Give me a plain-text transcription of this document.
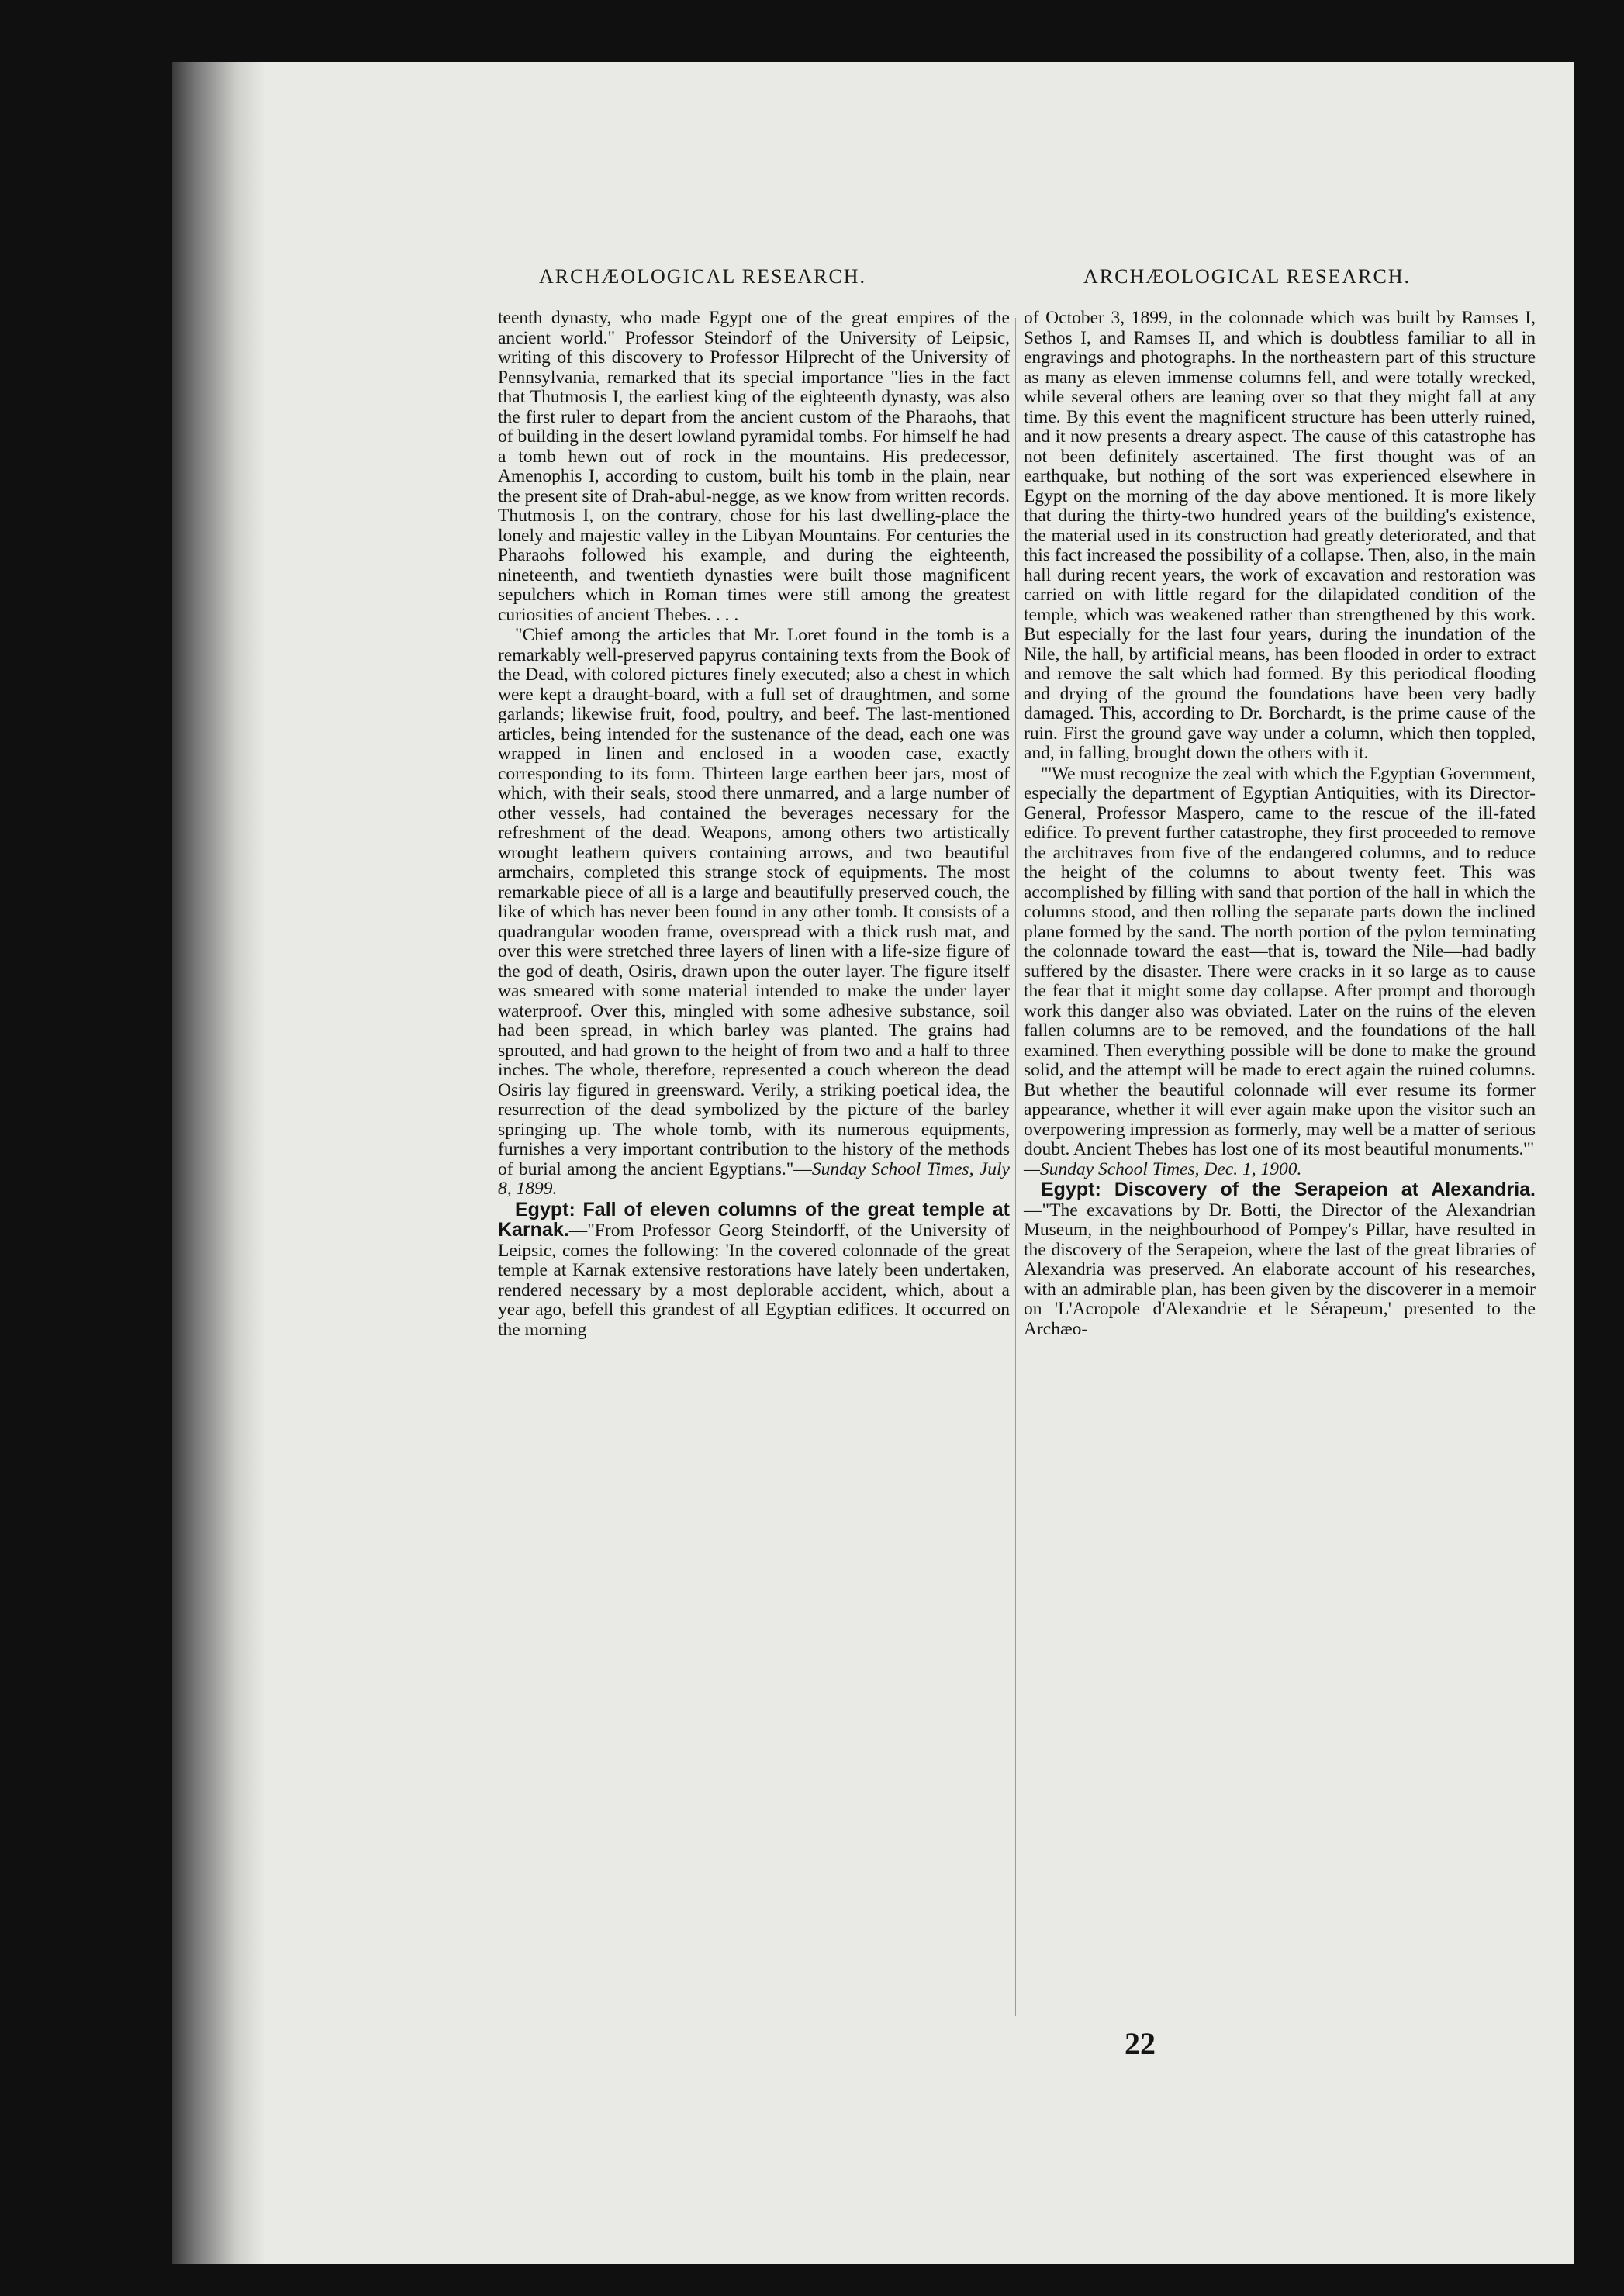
ARCHÆOLOGICAL RESEARCH.	ARCHÆOLOGICAL RESEARCH.

teenth dynasty, who made Egypt one of the great empires of the ancient world." Professor Steindorf of the University of Leipsic, writing of this discovery to Professor Hilprecht of the University of Pennsylvania, remarked that its special importance "lies in the fact that Thutmosis I, the earliest king of the eighteenth dynasty, was also the first ruler to depart from the ancient custom of the Pharaohs, that of building in the desert lowland pyramidal tombs. For himself he had a tomb hewn out of rock in the mountains. His predecessor, Amenophis I, according to custom, built his tomb in the plain, near the present site of Drah-abul-negge, as we know from written records. Thutmosis I, on the contrary, chose for his last dwelling-place the lonely and majestic valley in the Libyan Mountains. For centuries the Pharaohs followed his example, and during the eighteenth, nineteenth, and twentieth dynasties were built those magnificent sepulchers which in Roman times were still among the greatest curiosities of ancient Thebes. . . .

"Chief among the articles that Mr. Loret found in the tomb is a remarkably well-preserved papyrus containing texts from the Book of the Dead, with colored pictures finely executed; also a chest in which were kept a draught-board, with a full set of draughtmen, and some garlands; likewise fruit, food, poultry, and beef. The last-mentioned articles, being intended for the sustenance of the dead, each one was wrapped in linen and enclosed in a wooden case, exactly corresponding to its form. Thirteen large earthen beer jars, most of which, with their seals, stood there unmarred, and a large number of other vessels, had contained the beverages necessary for the refreshment of the dead. Weapons, among others two artistically wrought leathern quivers containing arrows, and two beautiful armchairs, completed this strange stock of equipments. The most remarkable piece of all is a large and beautifully preserved couch, the like of which has never been found in any other tomb. It consists of a quadrangular wooden frame, overspread with a thick rush mat, and over this were stretched three layers of linen with a life-size figure of the god of death, Osiris, drawn upon the outer layer. The figure itself was smeared with some material intended to make the under layer waterproof. Over this, mingled with some adhesive substance, soil had been spread, in which barley was planted. The grains had sprouted, and had grown to the height of from two and a half to three inches. The whole, therefore, represented a couch whereon the dead Osiris lay figured in greensward. Verily, a striking poetical idea, the resurrection of the dead symbolized by the picture of the barley springing up. The whole tomb, with its numerous equipments, furnishes a very important contribution to the history of the methods of burial among the ancient Egyptians."—Sunday School Times, July 8, 1899.

Egypt: Fall of eleven columns of the great temple at Karnak.—"From Professor Georg Steindorff, of the University of Leipsic, comes the following: 'In the covered colonnade of the great temple at Karnak extensive restorations have lately been undertaken, rendered necessary by a most deplorable accident, which, about a year ago, befell this grandest of all Egyptian edifices. It occurred on the morning

of October 3, 1899, in the colonnade which was built by Ramses I, Sethos I, and Ramses II, and which is doubtless familiar to all in engravings and photographs. In the northeastern part of this structure as many as eleven immense columns fell, and were totally wrecked, while several others are leaning over so that they might fall at any time. By this event the magnificent structure has been utterly ruined, and it now presents a dreary aspect. The cause of this catastrophe has not been definitely ascertained. The first thought was of an earthquake, but nothing of the sort was experienced elsewhere in Egypt on the morning of the day above mentioned. It is more likely that during the thirty-two hundred years of the building's existence, the material used in its construction had greatly deteriorated, and that this fact increased the possibility of a collapse. Then, also, in the main hall during recent years, the work of excavation and restoration was carried on with little regard for the dilapidated condition of the temple, which was weakened rather than strengthened by this work. But especially for the last four years, during the inundation of the Nile, the hall, by artificial means, has been flooded in order to extract and remove the salt which had formed. By this periodical flooding and drying of the ground the foundations have been very badly damaged. This, according to Dr. Borchardt, is the prime cause of the ruin. First the ground gave way under a column, which then toppled, and, in falling, brought down the others with it.

"'We must recognize the zeal with which the Egyptian Government, especially the department of Egyptian Antiquities, with its Director-General, Professor Maspero, came to the rescue of the ill-fated edifice. To prevent further catastrophe, they first proceeded to remove the architraves from five of the endangered columns, and to reduce the height of the columns to about twenty feet. This was accomplished by filling with sand that portion of the hall in which the columns stood, and then rolling the separate parts down the inclined plane formed by the sand. The north portion of the pylon terminating the colonnade toward the east—that is, toward the Nile—had badly suffered by the disaster. There were cracks in it so large as to cause the fear that it might some day collapse. After prompt and thorough work this danger also was obviated. Later on the ruins of the eleven fallen columns are to be removed, and the foundations of the hall examined. Then everything possible will be done to make the ground solid, and the attempt will be made to erect again the ruined columns. But whether the beautiful colonnade will ever resume its former appearance, whether it will ever again make upon the visitor such an overpowering impression as formerly, may well be a matter of serious doubt. Ancient Thebes has lost one of its most beautiful monuments.'"
—Sunday School Times, Dec. 1, 1900.

Egypt: Discovery of the Serapeion at Alexandria.—"The excavations by Dr. Botti, the Director of the Alexandrian Museum, in the neighbourhood of Pompey's Pillar, have resulted in the discovery of the Serapeion, where the last of the great libraries of Alexandria was preserved. An elaborate account of his researches, with an admirable plan, has been given by the discoverer in a memoir on 'L'Acropole d'Alexandrie et le Sérapeum,' presented to the Archæo-

22
